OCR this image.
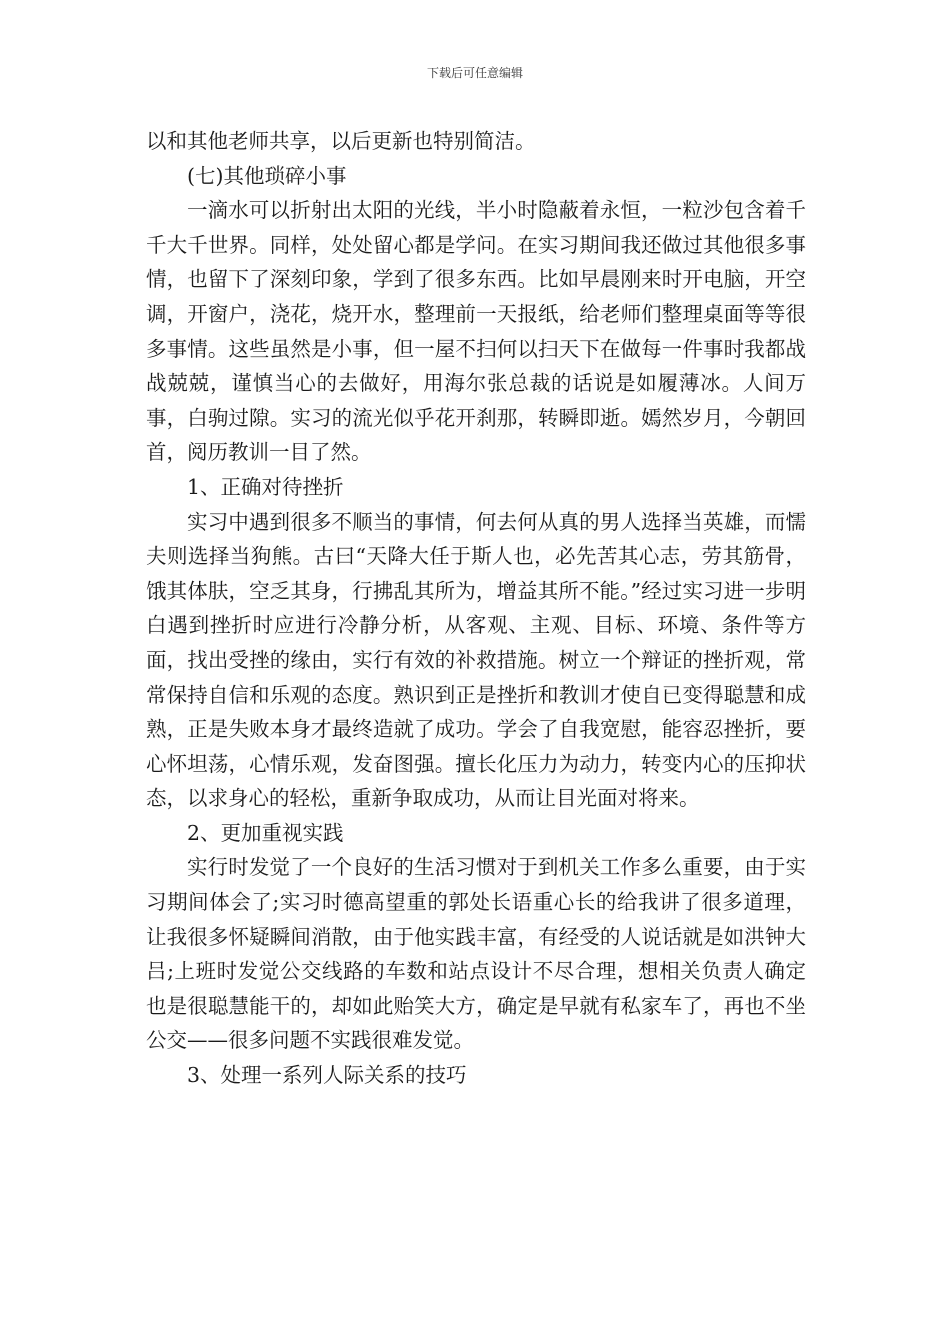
下载后可任意编辑

以和其他老师共享，以后更新也特别简洁。

(七)其他琐碎小事

一滴水可以折射出太阳的光线，半小时隐蔽着永恒，一粒沙包含着千千大千世界。同样，处处留心都是学问。在实习期间我还做过其他很多事情，也留下了深刻印象，学到了很多东西。比如早晨刚来时开电脑，开空调，开窗户，浇花，烧开水，整理前一天报纸，给老师们整理桌面等等很多事情。这些虽然是小事，但一屋不扫何以扫天下在做每一件事时我都战战兢兢，谨慎当心的去做好，用海尔张总裁的话说是如履薄冰。人间万事，白驹过隙。实习的流光似乎花开刹那，转瞬即逝。嫣然岁月，今朝回首，阅历教训一目了然。

1、正确对待挫折

实习中遇到很多不顺当的事情，何去何从真的男人选择当英雄，而懦夫则选择当狗熊。古曰“天降大任于斯人也，必先苦其心志，劳其筋骨，饿其体肤，空乏其身，行拂乱其所为，增益其所不能。”经过实习进一步明白遇到挫折时应进行冷静分析，从客观、主观、目标、环境、条件等方面，找出受挫的缘由，实行有效的补救措施。树立一个辩证的挫折观，常常保持自信和乐观的态度。熟识到正是挫折和教训才使自已变得聪慧和成熟，正是失败本身才最终造就了成功。学会了自我宽慰，能容忍挫折，要心怀坦荡，心情乐观，发奋图强。擅长化压力为动力，转变内心的压抑状态，以求身心的轻松，重新争取成功，从而让目光面对将来。

2、更加重视实践

实行时发觉了一个良好的生活习惯对于到机关工作多么重要，由于实习期间体会了;实习时德高望重的郭处长语重心长的给我讲了很多道理，让我很多怀疑瞬间消散，由于他实践丰富，有经受的人说话就是如洪钟大吕;上班时发觉公交线路的车数和站点设计不尽合理，想相关负责人确定也是很聪慧能干的，却如此贻笑大方，确定是早就有私家车了，再也不坐公交——很多问题不实践很难发觉。

3、处理一系列人际关系的技巧
